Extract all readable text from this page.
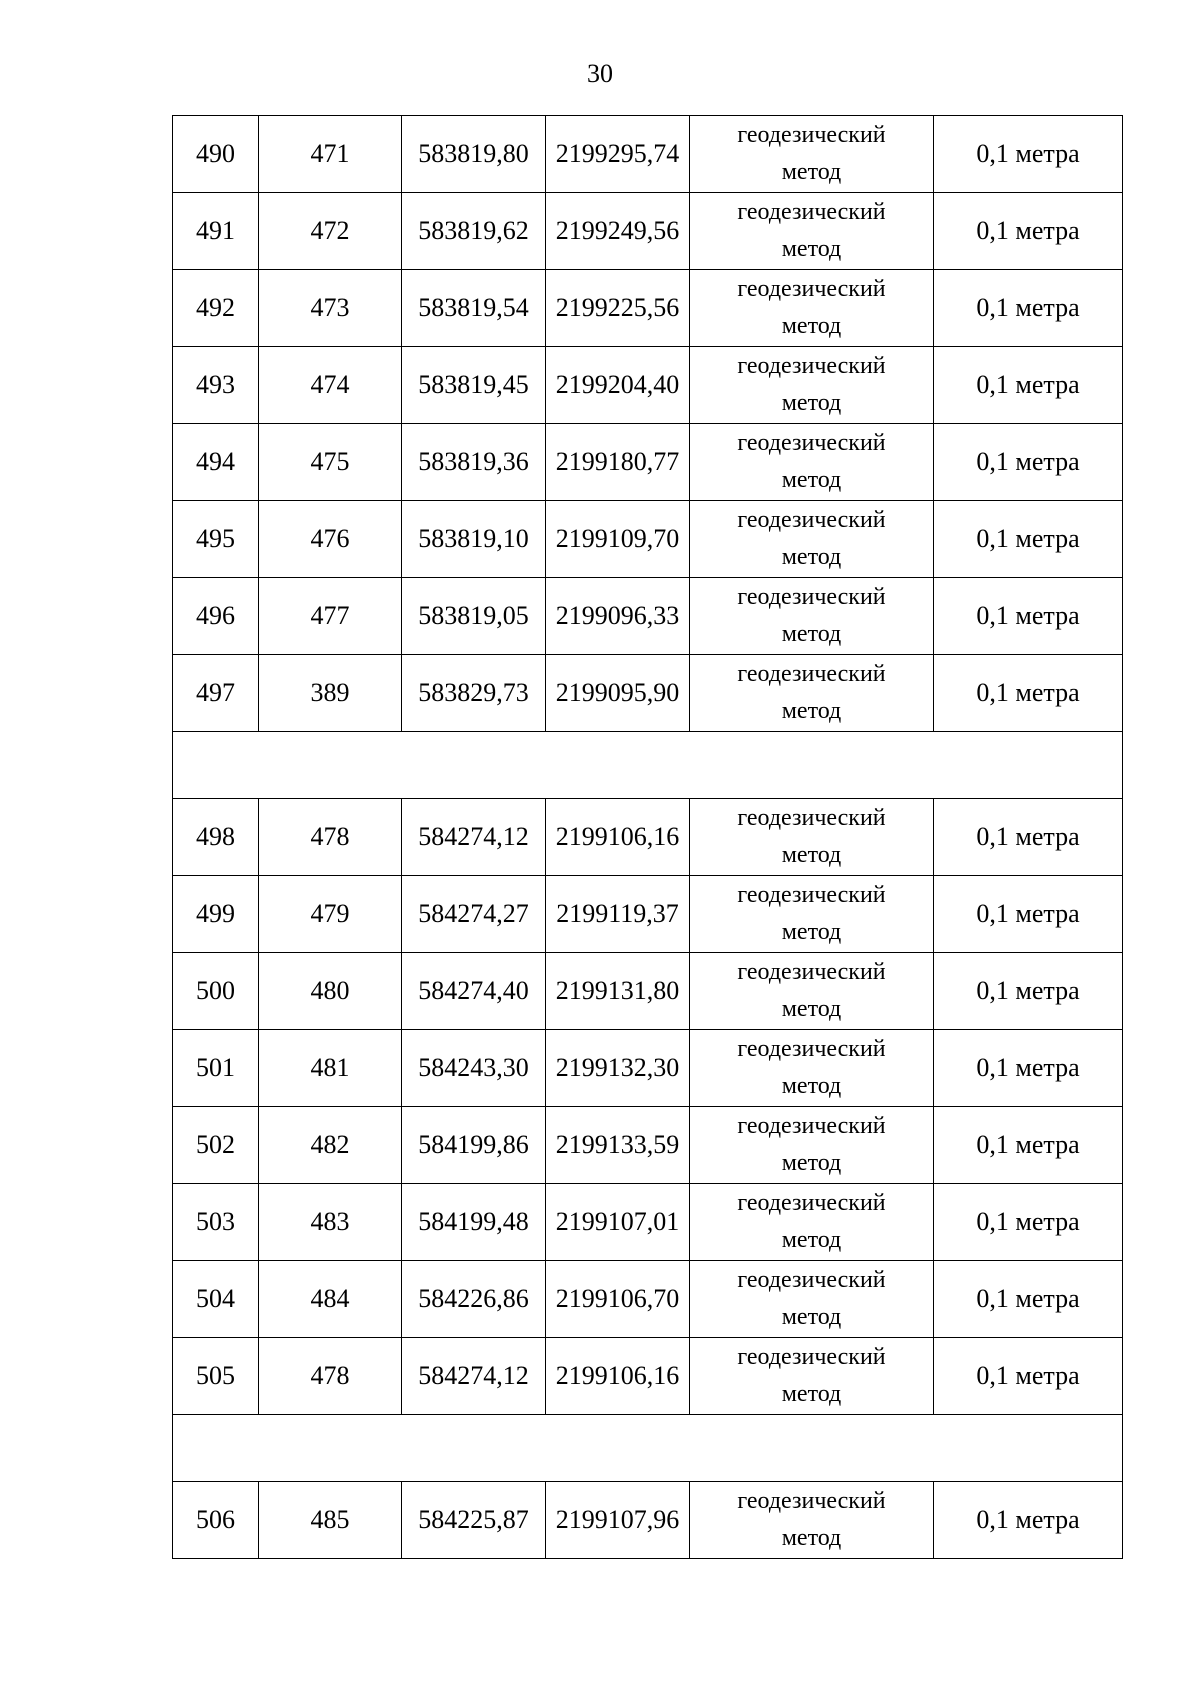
30
490	471	583819,80	2199295,74	геодезический
метод	0,1 метра
491	472	583819,62	2199249,56	геодезический
метод	0,1 метра
492	473	583819,54	2199225,56	геодезический
метод	0,1 метра
493	474	583819,45	2199204,40	геодезический
метод	0,1 метра
494	475	583819,36	2199180,77	геодезический
метод	0,1 метра
495	476	583819,10	2199109,70	геодезический
метод	0,1 метра
496	477	583819,05	2199096,33	геодезический
метод	0,1 метра
497	389	583829,73	2199095,90	геодезический
метод	0,1 метра

498	478	584274,12	2199106,16	геодезический
метод	0,1 метра
499	479	584274,27	2199119,37	геодезический
метод	0,1 метра
500	480	584274,40	2199131,80	геодезический
метод	0,1 метра
501	481	584243,30	2199132,30	геодезический
метод	0,1 метра
502	482	584199,86	2199133,59	геодезический
метод	0,1 метра
503	483	584199,48	2199107,01	геодезический
метод	0,1 метра
504	484	584226,86	2199106,70	геодезический
метод	0,1 метра
505	478	584274,12	2199106,16	геодезический
метод	0,1 метра

506	485	584225,87	2199107,96	геодезический
метод	0,1 метра
